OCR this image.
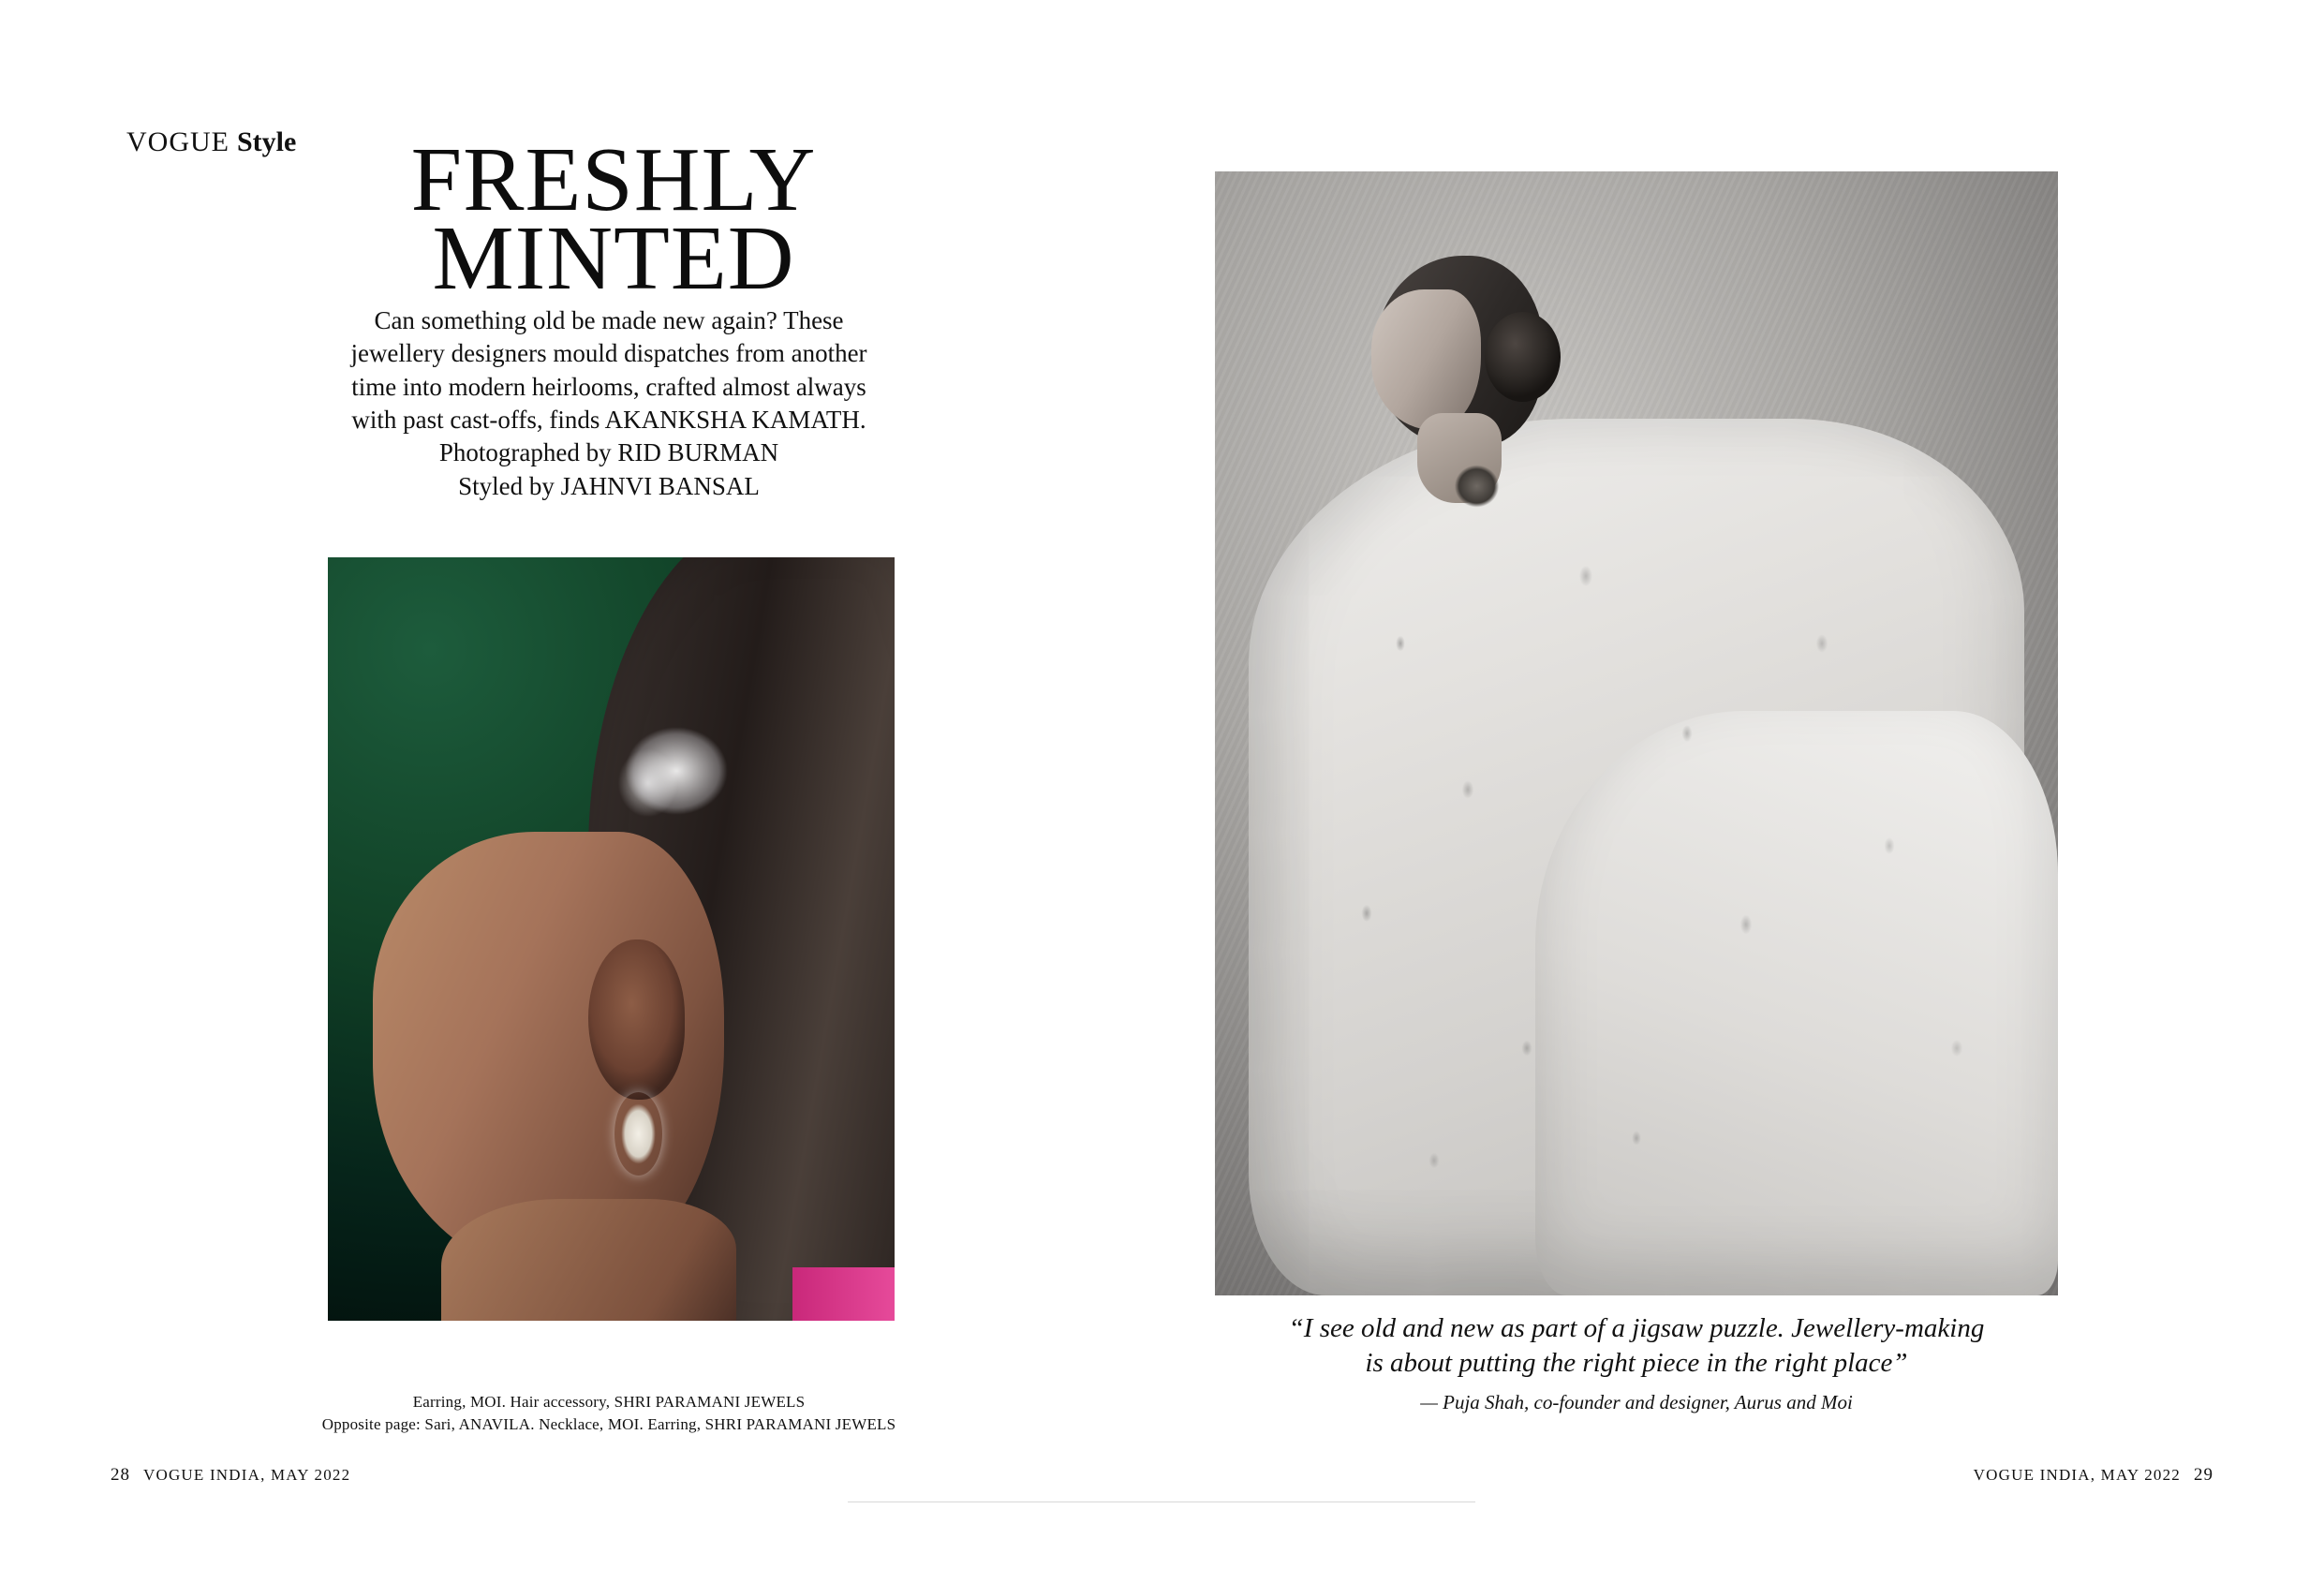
VOGUE Style	FRESHLY
MINTED
Can something old be made new again? These
jewellery designers mould dispatches from another
time into modern heirlooms, crafted almost always
with past cast-offs, finds AKANKSHA KAMATH.
Photographed by RID BURMAN
Styled by JAHNVI BANSAL
Earring, MOI. Hair accessory, SHRI PARAMANI JEWELS
Opposite page: Sari, ANAVILA. Necklace, MOI. Earring, SHRI PARAMANI JEWELS
“I see old and new as part of a jigsaw puzzle. Jewellery-making
is about putting the right piece in the right place”
— Puja Shah, co-founder and designer, Aurus and Moi
28 VOGUE INDIA, MAY 2022	VOGUE INDIA, MAY 2022 29
